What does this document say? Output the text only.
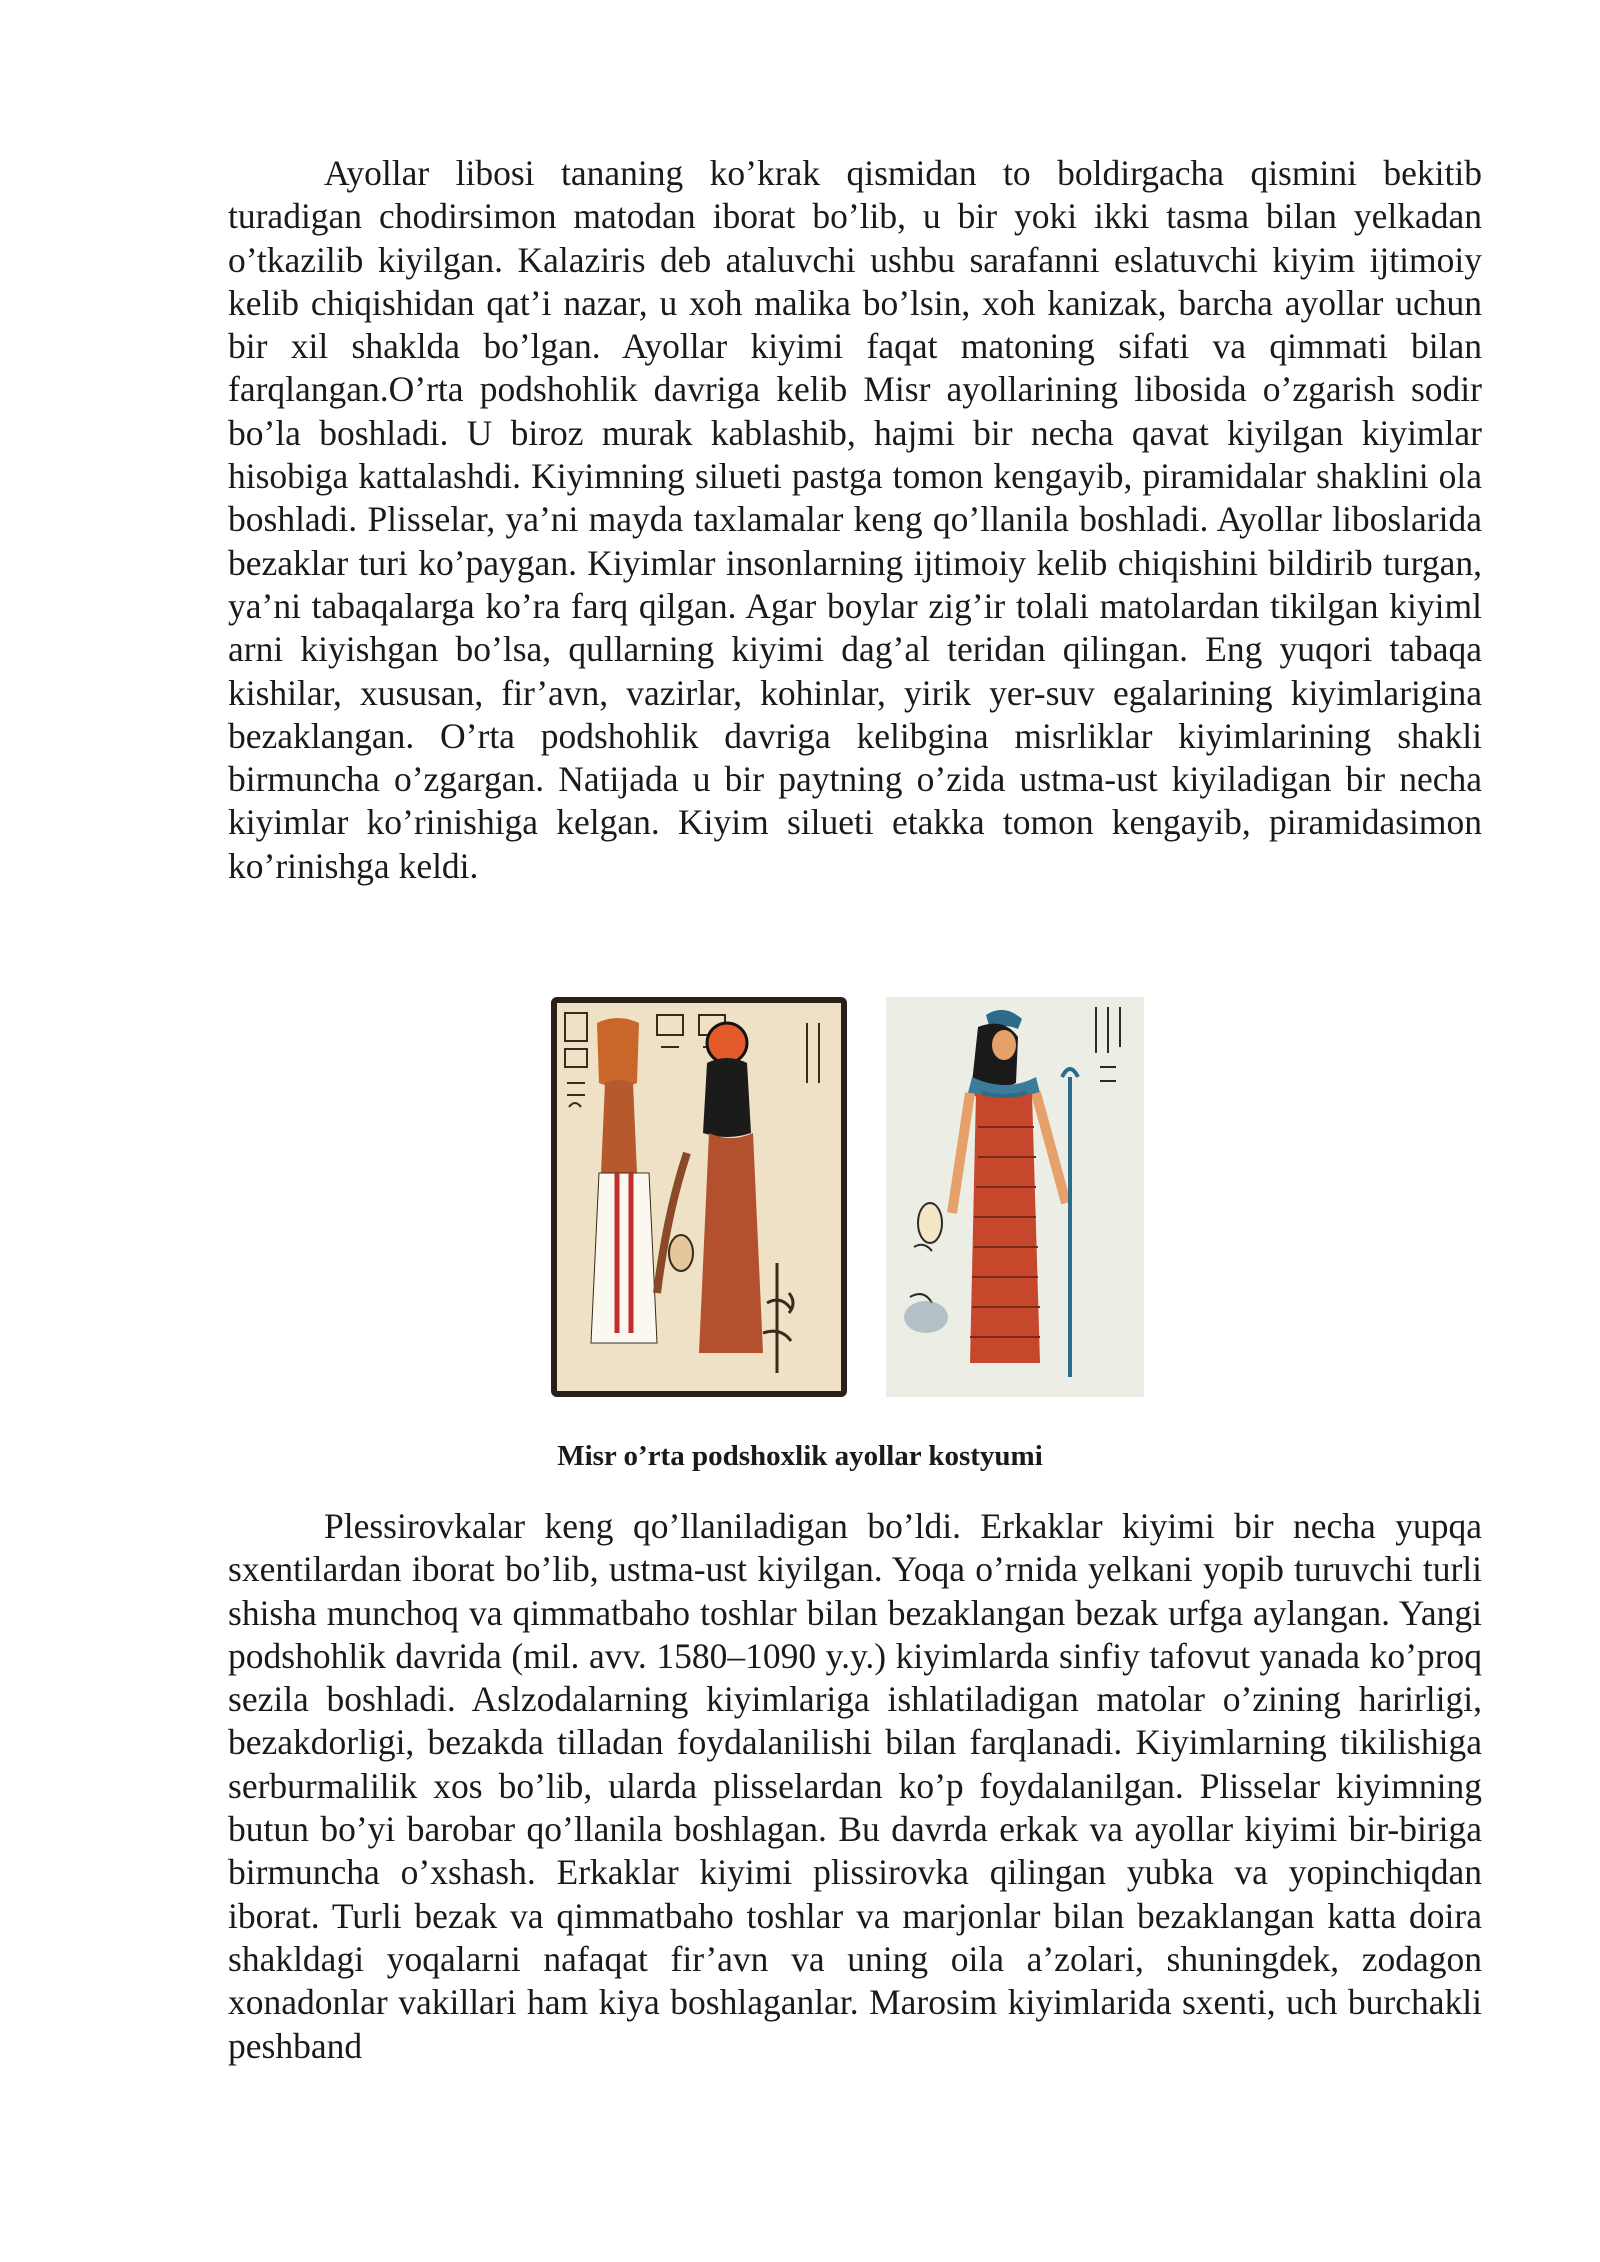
Ayollar libosi tananing ko’krak qismidan to boldirgacha qismini bekitib turadigan chodirsimon matodan iborat bo’lib, u bir yoki ikki tasma bilan yelkadan o’tkazilib kiyilgan. Kalaziris deb ataluvchi ushbu sarafanni eslatuvchi kiyim ijtimoiy kelib chiqishidan qat’i nazar, u xoh malika bo’lsin, xoh kanizak, barcha ayollar uchun bir xil shaklda bo’lgan. Ayollar kiyimi faqat matoning sifati va qimmati bilan farqlangan.O’rta podshohlik davriga kelib Misr ayollarining libosida o’zgarish sodir bo’la boshladi. U biroz murak kablashib, hajmi bir necha qavat kiyilgan kiyimlar hisobiga kattalashdi. Kiyimning silueti pastga tomon kengayib, piramidalar shaklini ola boshladi. Plisselar, ya’ni mayda taxlamalar keng qo’llanila boshladi. Ayollar liboslarida bezaklar turi ko’paygan. Kiyimlar insonlarning ijtimoiy kelib chiqishini bildirib turgan, ya’ni tabaqalarga ko’ra farq qilgan. Agar boylar zig’ir tolali matolardan tikilgan kiyiml arni kiyishgan bo’lsa, qullarning kiyimi dag’al teridan qilingan. Eng yuqori tabaqa kishilar, xususan, fir’avn, vazirlar, kohinlar, yirik yer-suv egalarining kiyimlarigina bezaklangan. O’rta podshohlik davriga kelibgina misrliklar kiyimlarining shakli birmuncha o’zgargan. Natijada u bir paytning o’zida ustma-ust kiyiladigan bir necha kiyimlar ko’rinishiga kelgan. Kiyim silueti etakka tomon kengayib, piramidasimon ko’rinishga keldi.

Misr o’rta podshoxlik ayollar kostyumi

Plessirovkalar keng qo’llaniladigan bo’ldi. Erkaklar kiyimi bir necha yupqa sxentilardan iborat bo’lib, ustma-ust kiyilgan. Yoqa o’rnida yelkani yopib turuvchi turli shisha munchoq va qimmatbaho toshlar bilan bezaklangan bezak urfga aylangan. Yangi podshohlik davrida (mil. avv. 1580–1090 y.y.) kiyimlarda sinfiy tafovut yanada ko’proq sezila boshladi. Aslzodalarning kiyimlariga ishlatiladigan matolar o’zining harirligi, bezakdorligi, bezakda tilladan foydalanilishi bilan farqlanadi. Kiyimlarning tikilishiga serburmalilik xos bo’lib, ularda plisselardan ko’p foydalanilgan. Plisselar kiyimning butun bo’yi barobar qo’llanila boshlagan. Bu davrda erkak va ayollar kiyimi bir-biriga birmuncha o’xshash. Erkaklar kiyimi plissirovka qilingan yubka va yopinchiqdan iborat. Turli bezak va qimmatbaho toshlar va marjonlar bilan bezaklangan katta doira shakldagi yoqalarni nafaqat fir’avn va uning oila a’zolari, shuningdek, zodagon xonadonlar vakillari ham kiya boshlaganlar. Marosim kiyimlarida sxenti, uch burchakli peshband
